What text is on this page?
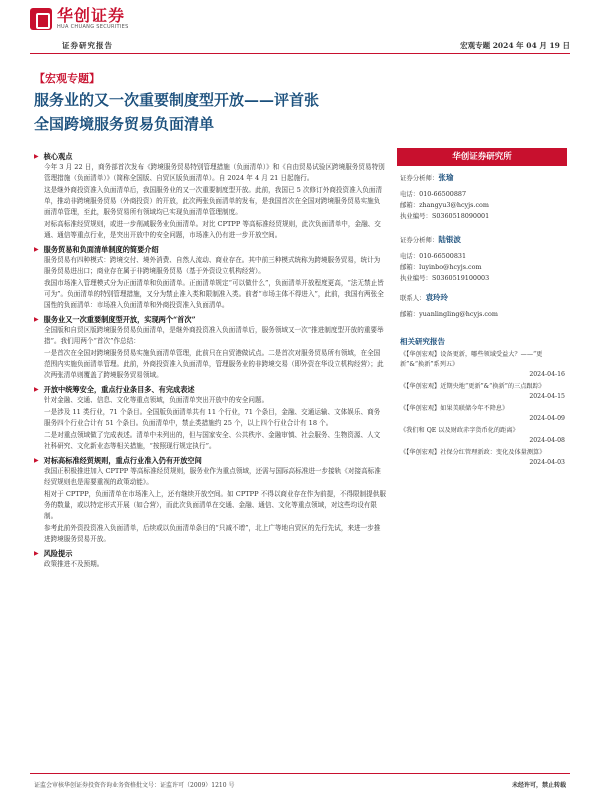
华创证券
HUA CHUANG SECURITIES
证券研究报告	宏观专题 2024 年 04 月 19 日
【宏观专题】
服务业的又一次重要制度型开放——评首张
全国跨境服务贸易负面清单
▶ 核心观点
今年 3 月 22 日，商务部首次发布《跨境服务贸易特别管理措施（负面清单）》和《自由贸易试验区跨境服务贸易特别管理措施（负面清单）》（简称全国版、自贸区版负面清单）。自 2024 年 4 月 21 日起施行。
这是继外商投资准入负面清单后，我国服务业的又一次重要制度型开放。此前，我国已 5 次修订外商投资准入负面清单，推动非跨境服务贸易（外商投资）的开放，此次两张负面清单的发布，是我国首次在全国对跨境服务贸易实施负面清单管理，至此，服务贸易所有领域均已实现负面清单管理制度。
对标高标准经贸规则，或进一步削减服务业负面清单。对比 CPTPP 等高标准经贸规则，此次负面清单中，金融、交通、通信等重点行业，是突出开放中的安全问题，市场准入仍有进一步开放空间。
▶ 服务贸易和负面清单制度的简要介绍
服务贸易有四种模式：跨境交付、境外消费、自然人流动、商业存在。其中前三种模式统称为跨境服务贸易，统计为服务贸易进出口；商业存在属于非跨境服务贸易（基于外资设立机构经营）。
我国市场准入管理模式分为正面清单和负面清单。正面清单规定“可以做什么”，负面清单开放程度更高，“法无禁止皆可为”。负面清单的特别管理措施，又分为禁止准入类和限制准入类。前者“市场主体不得进入”，此前，我国有两张全国性的负面清单：市场准入负面清单和外商投资准入负面清单。
▶ 服务业又一次重要制度型开放，实现两个“首次”
全国版和自贸区版跨境服务贸易负面清单，是继外商投资准入负面清单后，服务领域又一次“推进制度型开放的重要举措”。我们用两个“首次”作总结：
一是首次在全国对跨境服务贸易实施负面清单管理，此前只在自贸港做试点。二是首次对服务贸易所有领域，在全国范围内实施负面清单管理。此前，外商投资准入负面清单，管理服务业的非跨境交易（即外资在华设立机构经营）；此次两张清单则覆盖了跨境服务贸易领域。
▶ 开放中统筹安全，重点行业条目多、有完成表述
针对金融、交通、信息、文化等重点领域，负面清单突出开放中的安全问题。
一是涉及 11 类行业，71 个条目。全国版负面清单共有 11 个行业，71 个条目，金融、交通运输、文体娱乐、商务服务四个行业合计有 51 个条目。负面清单中，禁止类措施约 25 个，以上四个行业合计有 18 个。
二是对重点领域做了完成表述。清单中未列出的，但与国家安全、公共秩序、金融审慎、社会服务、生物资源、人文社科研究、文化新业态等相关措施，“按照现行规定执行”。
▶ 对标高标准经贸规则，重点行业准入仍有开放空间
我国正积极推进加入 CPTPP 等高标准经贸规则，服务业作为重点领域，还需与国际高标准进一步接轨《对接高标准经贸规则也是需要重视的政策动能》。
相对于 CPTPP，负面清单在市场准入上，还有继续开放空间。如 CPTPP 不得以商业存在作为前提，不得限制提供服务的数量，或以特定形式开展（如合营），而此次负面清单在交通、金融、通信、文化等重点领域，对这些均设有限制。
参考此前外资投资准入负面清单，后续或以负面清单条目的“只减不增”，北上广等地自贸区的先行先试，来进一步推进跨境服务贸易开放。
▶ 风险提示
政策推进不及预期。
华创证券研究所
证券分析师：张瑜
电话：010-66500887
邮箱：zhangyu3@hcyjs.com
执业编号：S0360518090001
证券分析师：陆银波
电话：010-66500831
邮箱：luyinbo@hcyjs.com
执业编号：S0360519100003
联系人：袁玲玲
邮箱：yuanlingling@hcyjs.com
相关研究报告
《【华创宏观】设备更新，哪些领域受益大？——“更新”&“换新”系列五》
2024-04-16
《【华创宏观】近期央地“更新”&“换新”的三点跟踪》
2024-04-15
《【华创宏观】如果美联储今年不降息》
2024-04-09
《我们和 QE 以及财政赤字货币化的距离》
2024-04-08
《【华创宏观】社保分红管理新政：变化及体量测算》
2024-04-03
证监会审核华创证券投资咨询业务资格批文号：证监许可（2009）1210 号	未经许可，禁止转载
